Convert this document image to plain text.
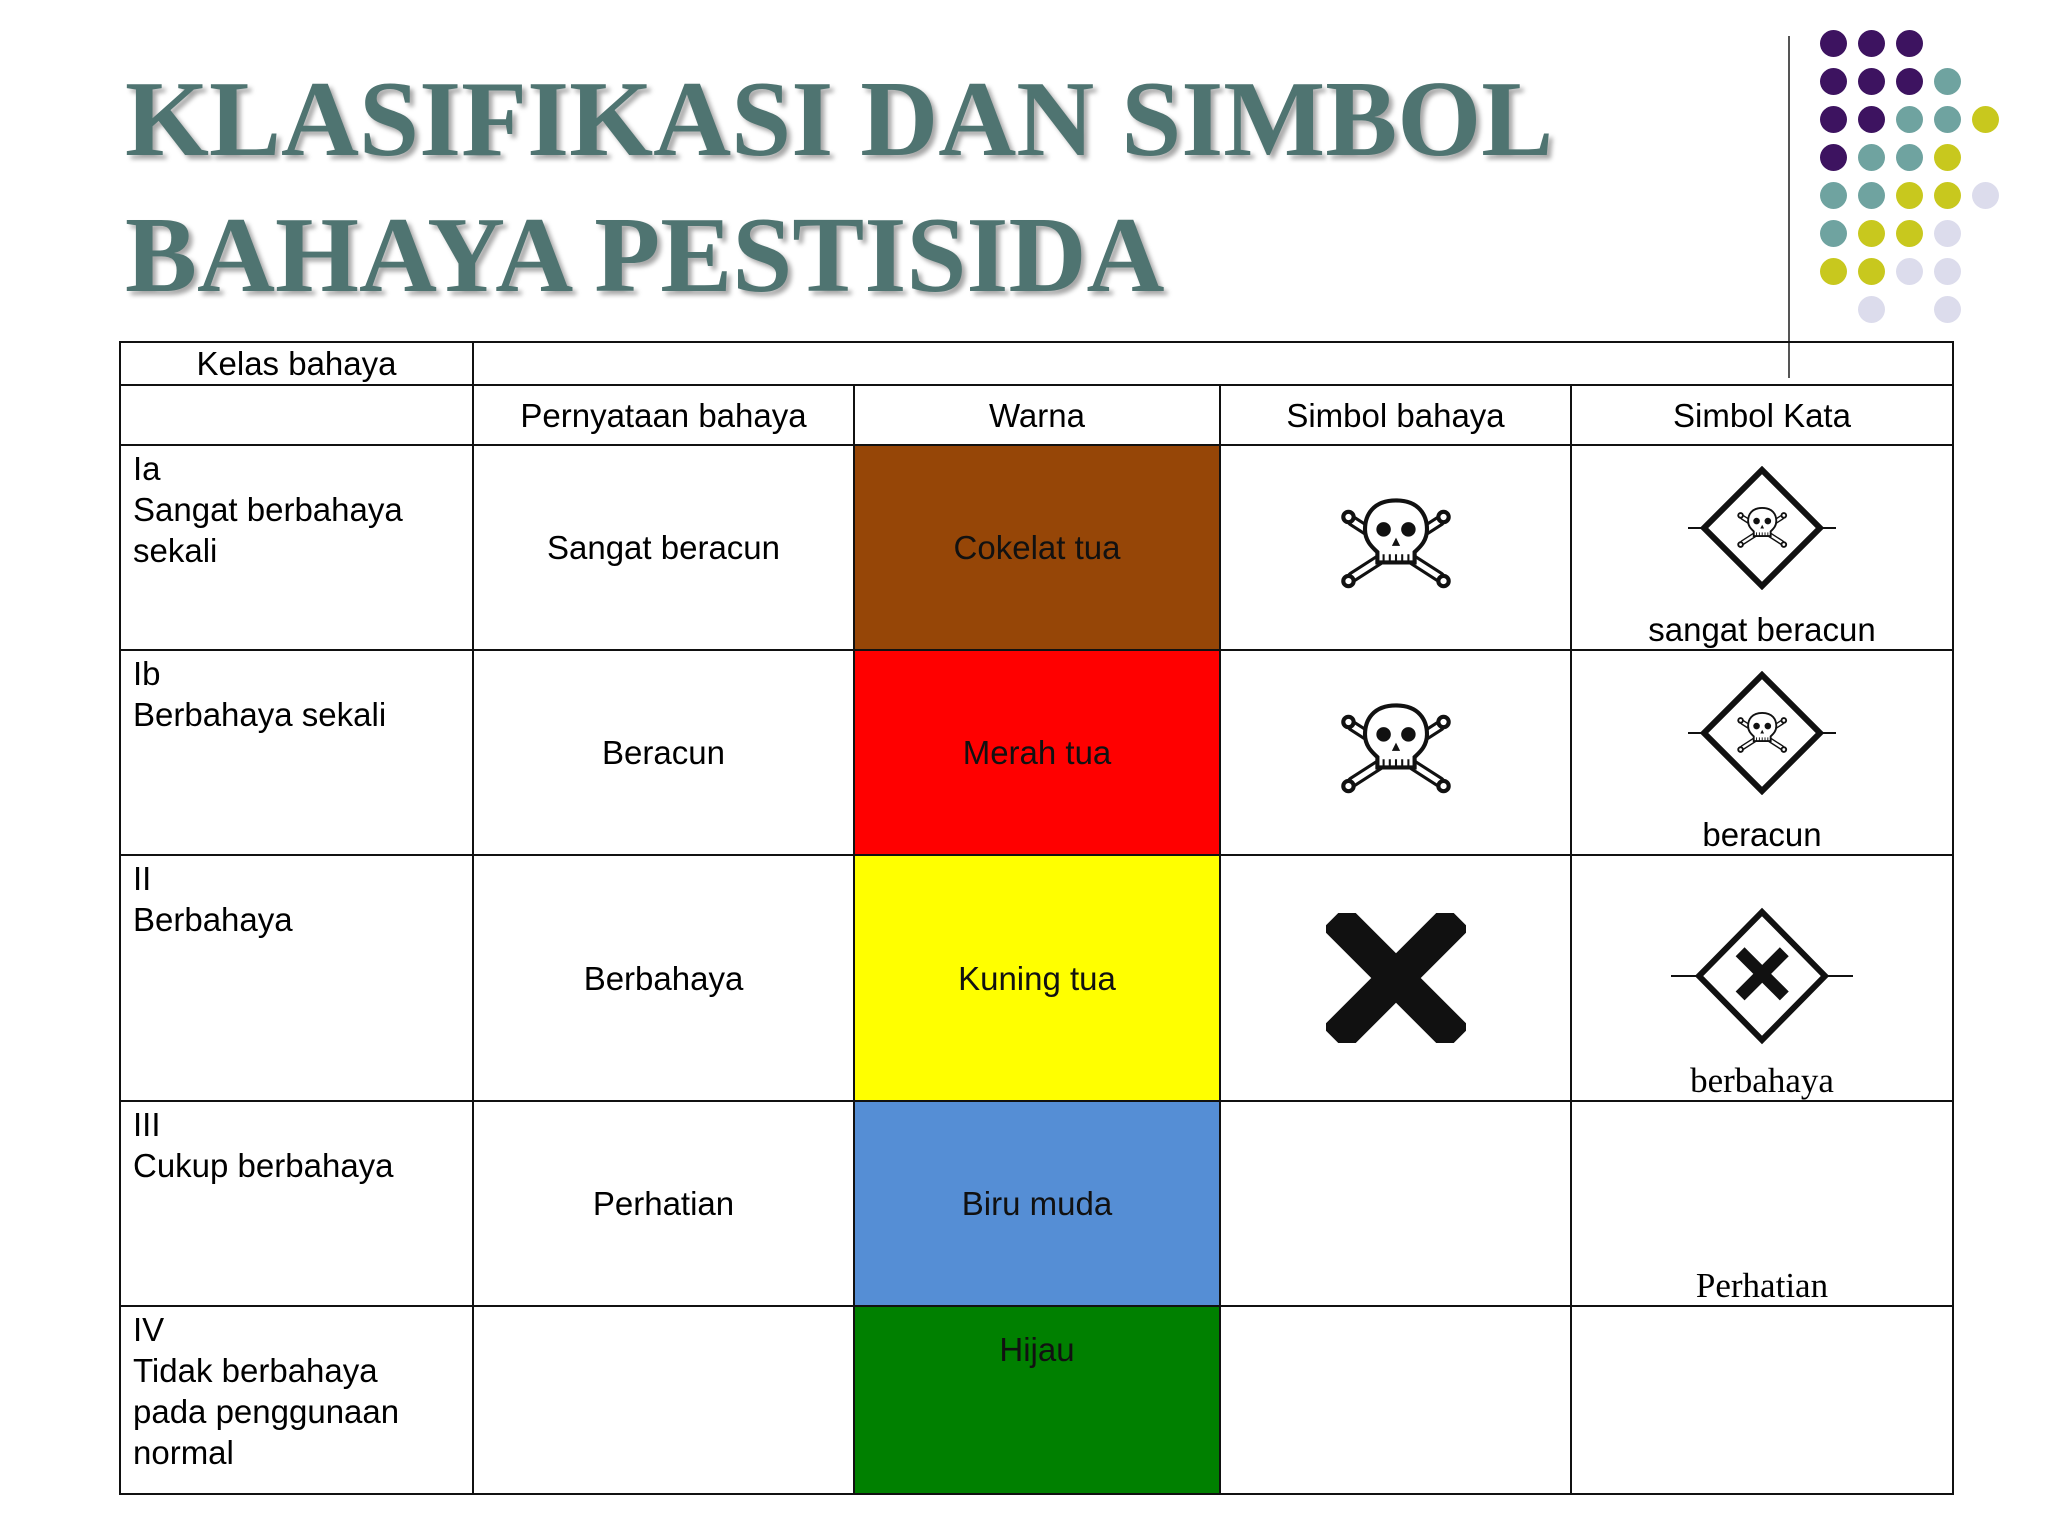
KLASIFIKASI DAN SIMBOL
BAHAYA PESTISIDA
Kelas bahaya				
	Pernyataan bahaya	Warna	Simbol bahaya	Simbol Kata

Ia
Sangat berbahaya
sekali	Sangat beracun	Cokelat tua		sangat beracun

Ib
Berbahaya sekali	Beracun	Merah tua		beracun

II
Berbahaya	Berbahaya	Kuning tua		berbahaya

III
Cukup berbahaya	Perhatian	Biru muda		Perhatian

IV
Tidak berbahaya
pada penggunaan
normal		Hijau		
